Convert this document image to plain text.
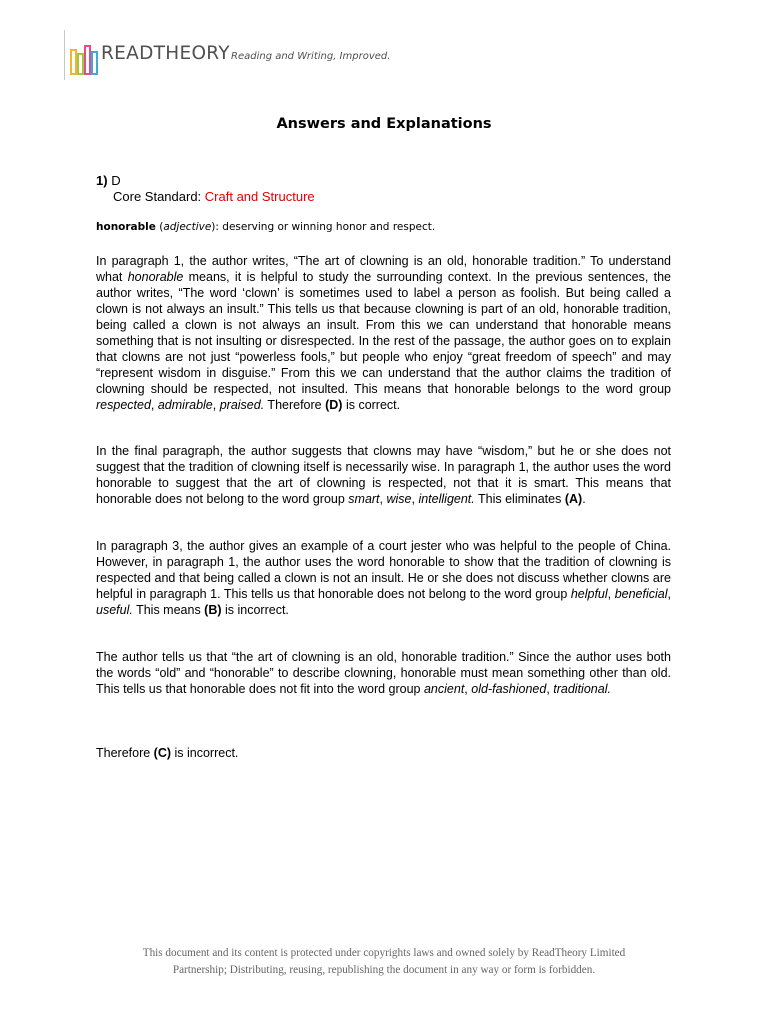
READTHEORY Reading and Writing, Improved.
Answers and Explanations
1) D
Core Standard: Craft and Structure
honorable (adjective): deserving or winning honor and respect.

In paragraph 1, the author writes, “The art of clowning is an old, honorable tradition.” To understand what honorable means, it is helpful to study the surrounding context. In the previous sentences, the author writes, “The word ‘clown’ is sometimes used to label a person as foolish. But being called a clown is not always an insult.” This tells us that because clowning is part of an old, honorable tradition, being called a clown is not always an insult. From this we can understand that honorable means something that is not insulting or disrespected. In the rest of the passage, the author goes on to explain that clowns are not just “powerless fools,” but people who enjoy “great freedom of speech” and may “represent wisdom in disguise.” From this we can understand that the author claims the tradition of clowning should be respected, not insulted. This means that honorable belongs to the word group respected, admirable, praised. Therefore (D) is correct.

In the final paragraph, the author suggests that clowns may have “wisdom,” but he or she does not suggest that the tradition of clowning itself is necessarily wise. In paragraph 1, the author uses the word honorable to suggest that the art of clowning is respected, not that it is smart. This means that honorable does not belong to the word group smart, wise, intelligent. This eliminates (A).

In paragraph 3, the author gives an example of a court jester who was helpful to the people of China. However, in paragraph 1, the author uses the word honorable to show that the tradition of clowning is respected and that being called a clown is not an insult. He or she does not discuss whether clowns are helpful in paragraph 1. This tells us that honorable does not belong to the word group helpful, beneficial, useful. This means (B) is incorrect.

The author tells us that “the art of clowning is an old, honorable tradition.” Since the author uses both the words “old” and “honorable” to describe clowning, honorable must mean something other than old. This tells us that honorable does not fit into the word group ancient, old-fashioned, traditional.

Therefore (C) is incorrect.

This document and its content is protected under copyrights laws and owned solely by ReadTheory Limited
Partnership; Distributing, reusing, republishing the document in any way or form is forbidden.
